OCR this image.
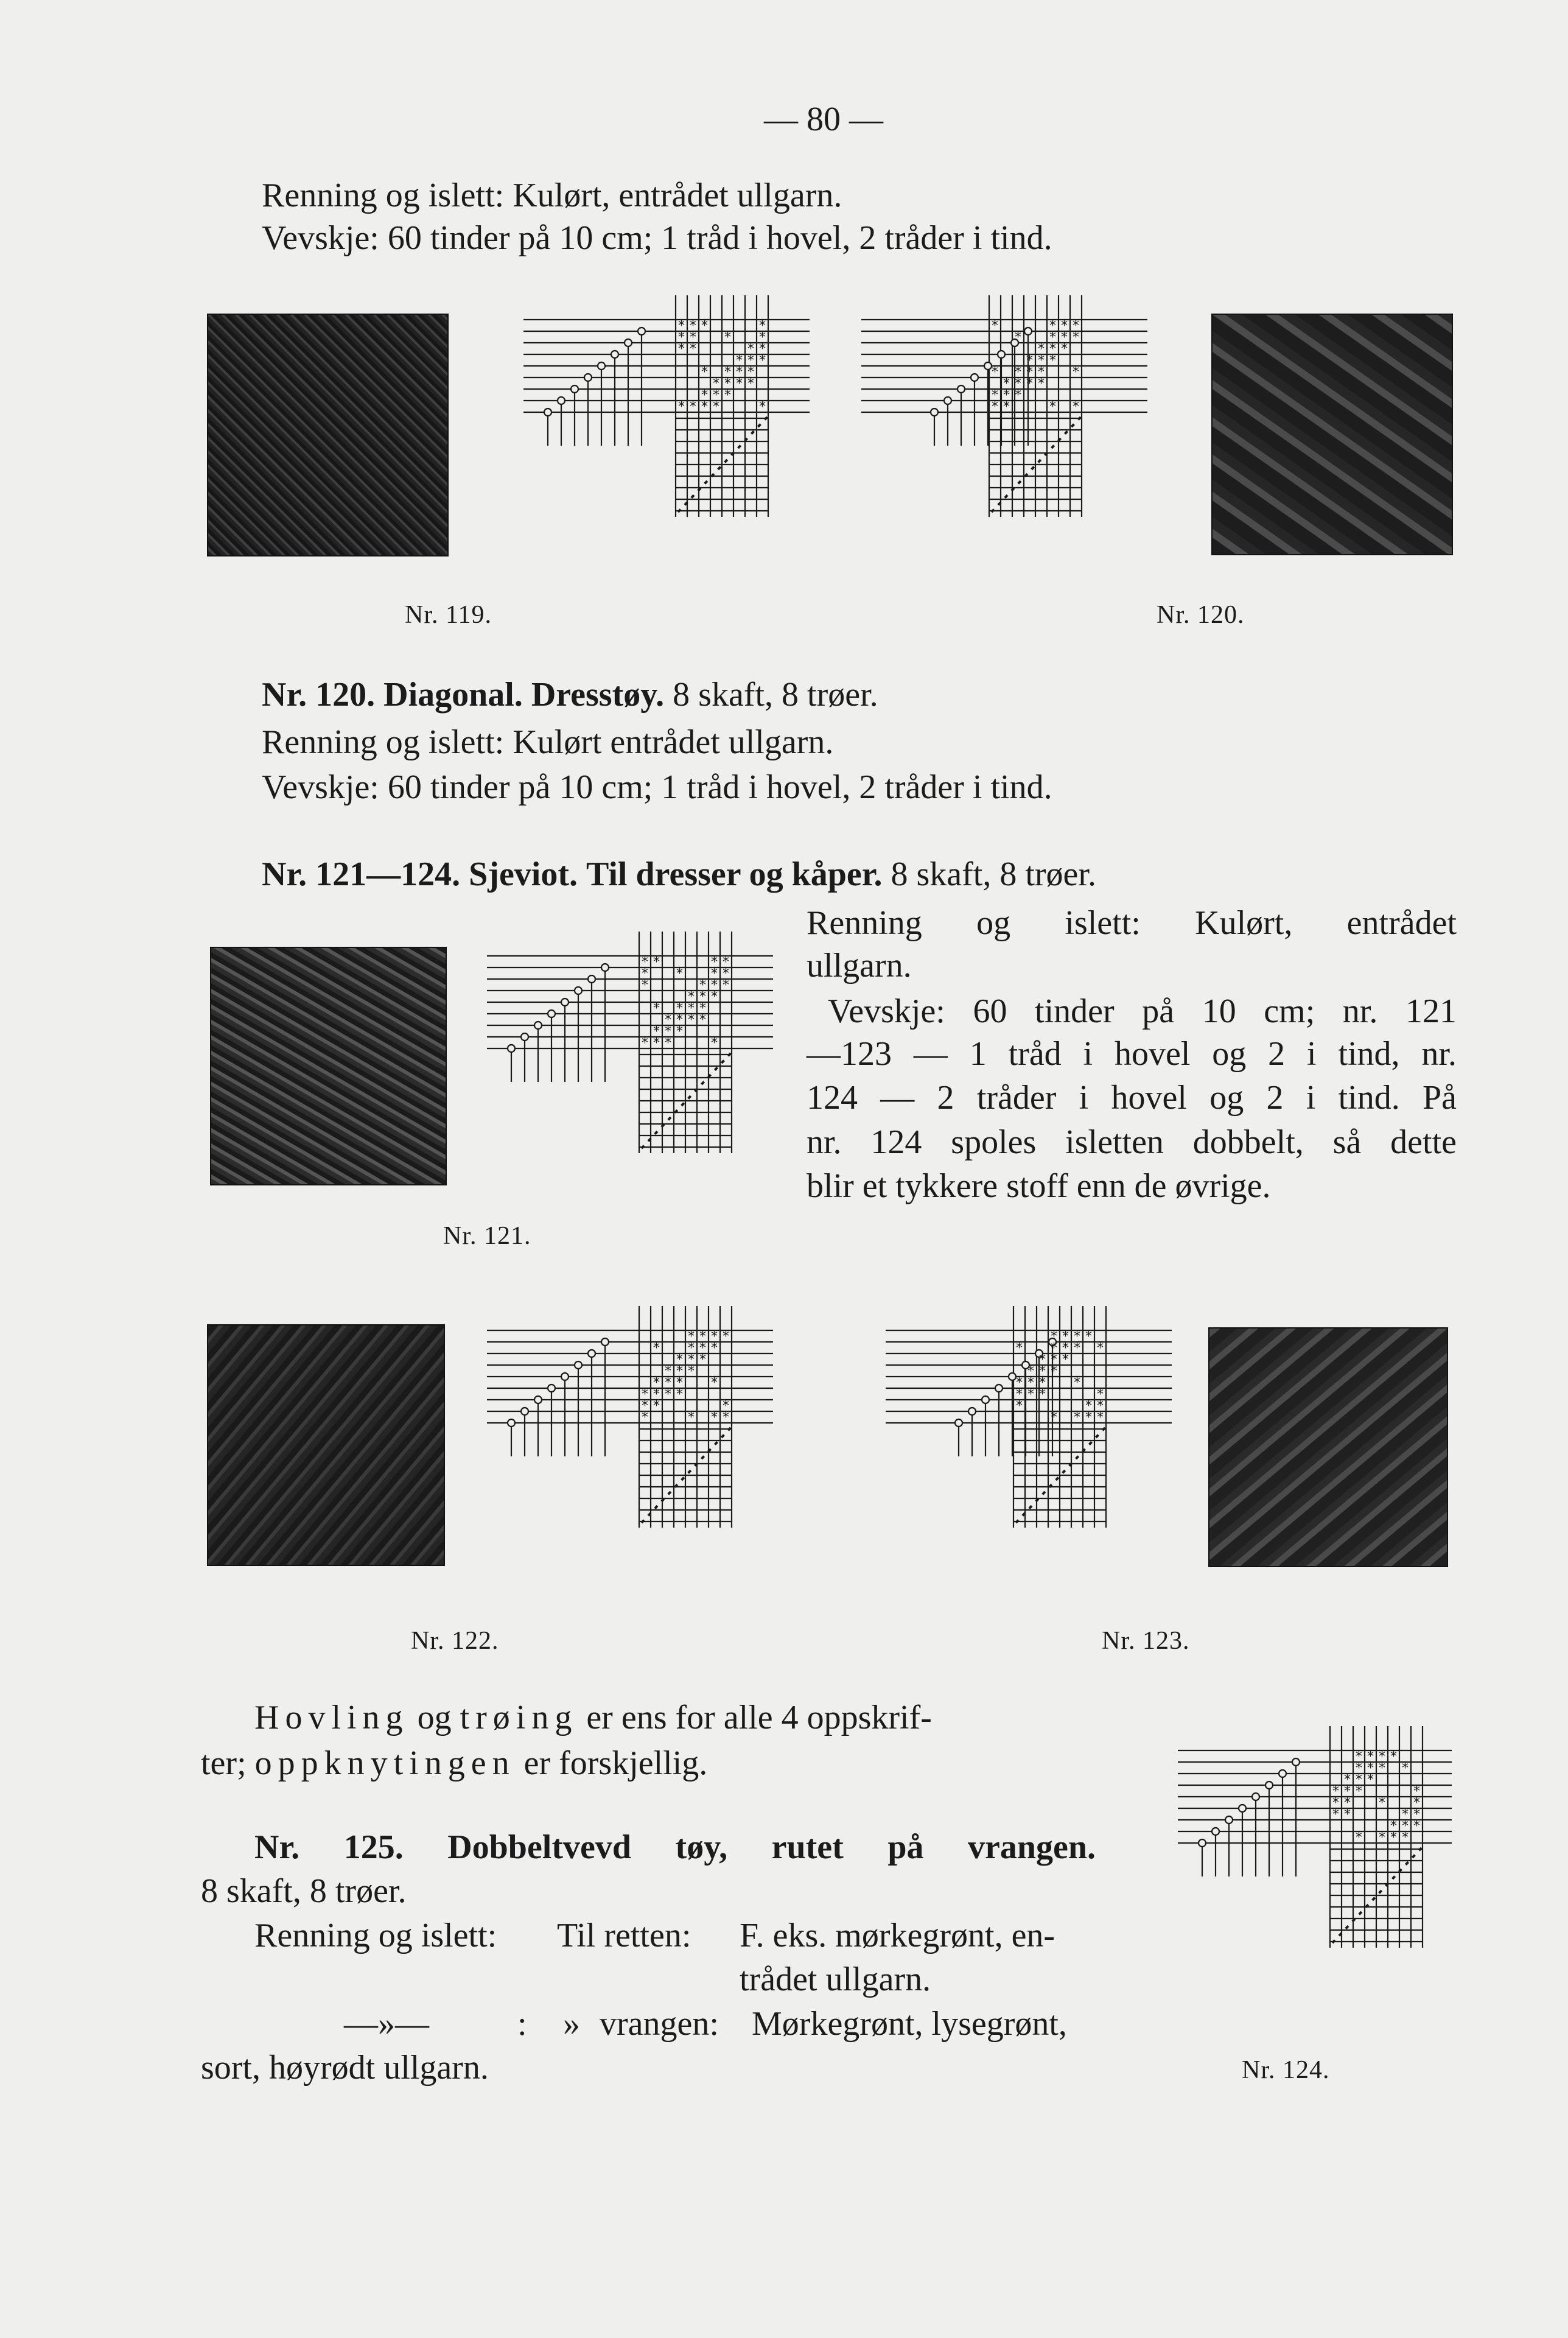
— 80 —
Renning og islett: Kulørt, entrådet ullgarn.
Vevskje: 60 tinder på 10 cm; 1 tråd i hovel, 2 tråder i tind.
* * *	*
* * * *
* *	* *
* * *
* * * *
* * * *
* * *
* * * *	*
*	* * *
* * * *
* * *
* * *
* * * * *
* * * *
* * *
* *	* *
* *	* *
* * * *
*	* * *
* * *
* * * *
* * * *
* * *
* * *	*
* * * *
* * * *
* * *
* * *
* * * *
* * * *
* *	*
*	* * *
* * * *
* * * * *
* * *
* * *
* * * *
* * *	*
*	* *
* * * *
* * * *
* * * *
* * *
* * *	*
* * * *
* *	* *
* * *
* * * *
Nr. 119.	Nr. 120.
Nr. 120. Diagonal. Dresstøy. 8 skaft, 8 trøer.
Renning og islett: Kulørt entrådet ullgarn.
Vevskje: 60 tinder på 10 cm; 1 tråd i hovel, 2 tråder i tind.
Nr. 121—124. Sjeviot. Til dresser og kåper. 8 skaft, 8 trøer.
Renning og islett: Kulørt, entrådet
ullgarn.
Vevskje: 60 tinder på 10 cm; nr. 121
—123 — 1 tråd i hovel og 2 i tind, nr.
124 — 2 tråder i hovel og 2 i tind. På
nr. 124 spoles isletten dobbelt, så dette
blir et tykkere stoff enn de øvrige.
Nr. 121.
Nr. 122.	Nr. 123.
Hovling og trøing er ens for alle 4 oppskrif-
ter; oppknytingen er forskjellig.
Nr. 125. Dobbeltvevd tøy, rutet på vrangen.
8 skaft, 8 trøer.
Renning og islett: Til retten: F. eks. mørkegrønt, en-
trådet ullgarn.
—»—	: » vrangen: Mørkegrønt, lysegrønt,
sort, høyrødt ullgarn.	Nr. 124.
